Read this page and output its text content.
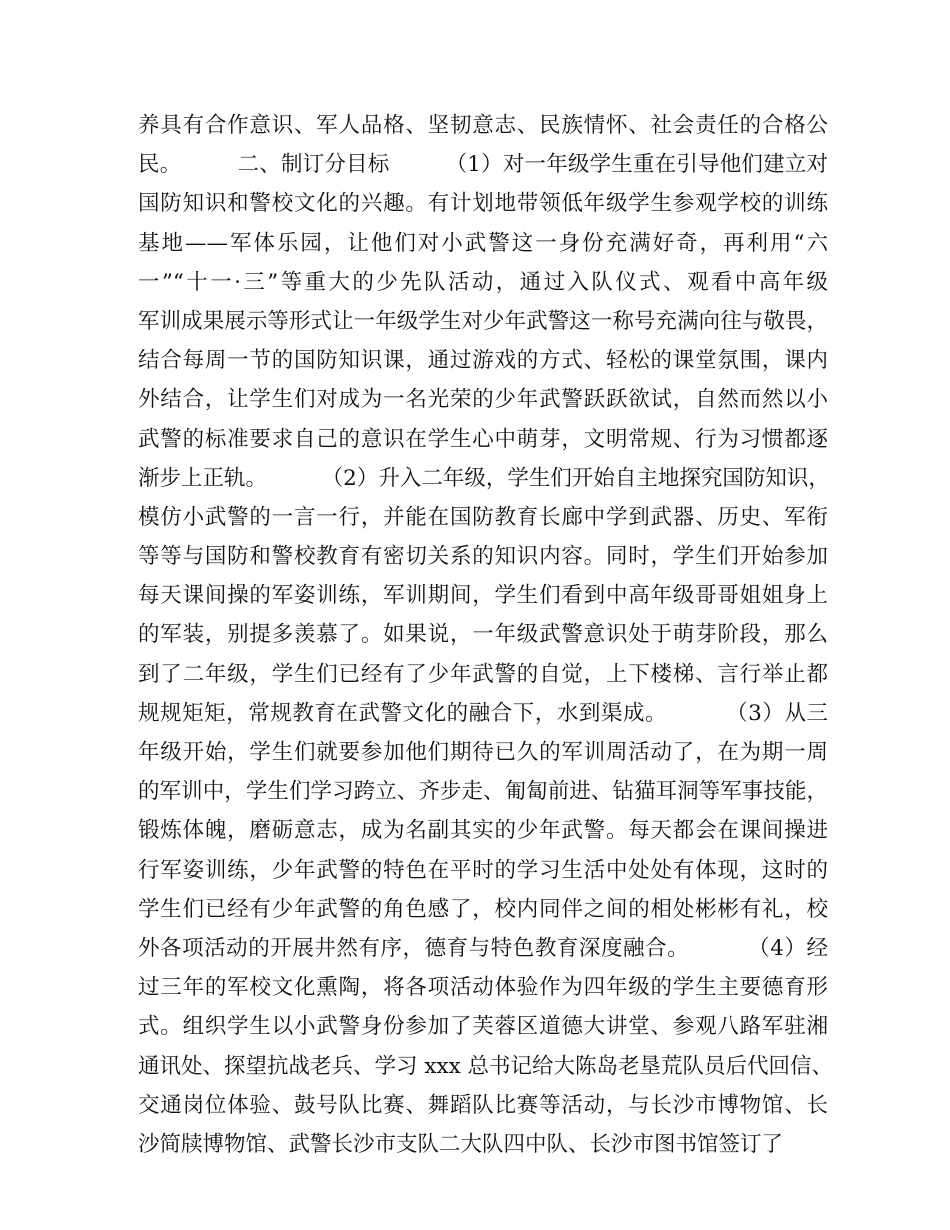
养具有合作意识、军人品格、坚韧意志、民族情怀、社会责任的合格公
民。        二、制订分目标        （1）对一年级学生重在引导他们建立对
国防知识和警校文化的兴趣。有计划地带领低年级学生参观学校的训练
基地——军体乐园，让他们对小武警这一身份充满好奇，再利用“六
一”“十一·三”等重大的少先队活动，通过入队仪式、观看中高年级
军训成果展示等形式让一年级学生对少年武警这一称号充满向往与敬畏，
结合每周一节的国防知识课，通过游戏的方式、轻松的课堂氛围，课内
外结合，让学生们对成为一名光荣的少年武警跃跃欲试，自然而然以小
武警的标准要求自己的意识在学生心中萌芽，文明常规、行为习惯都逐
渐步上正轨。        （2）升入二年级，学生们开始自主地探究国防知识，
模仿小武警的一言一行，并能在国防教育长廊中学到武器、历史、军衔
等等与国防和警校教育有密切关系的知识内容。同时，学生们开始参加
每天课间操的军姿训练，军训期间，学生们看到中高年级哥哥姐姐身上
的军装，别提多羡慕了。如果说，一年级武警意识处于萌芽阶段，那么
到了二年级，学生们已经有了少年武警的自觉，上下楼梯、言行举止都
规规矩矩，常规教育在武警文化的融合下，水到渠成。        （3）从三
年级开始，学生们就要参加他们期待已久的军训周活动了，在为期一周
的军训中，学生们学习跨立、齐步走、匍匐前进、钻猫耳洞等军事技能，
锻炼体魄，磨砺意志，成为名副其实的少年武警。每天都会在课间操进
行军姿训练，少年武警的特色在平时的学习生活中处处有体现，这时的
学生们已经有少年武警的角色感了，校内同伴之间的相处彬彬有礼，校
外各项活动的开展井然有序，德育与特色教育深度融合。        （4）经
过三年的军校文化熏陶，将各项活动体验作为四年级的学生主要德育形
式。组织学生以小武警身份参加了芙蓉区道德大讲堂、参观八路军驻湘
通讯处、探望抗战老兵、学习 xxx 总书记给大陈岛老垦荒队员后代回信、
交通岗位体验、鼓号队比赛、舞蹈队比赛等活动，与长沙市博物馆、长
沙简牍博物馆、武警长沙市支队二大队四中队、长沙市图书馆签订了
